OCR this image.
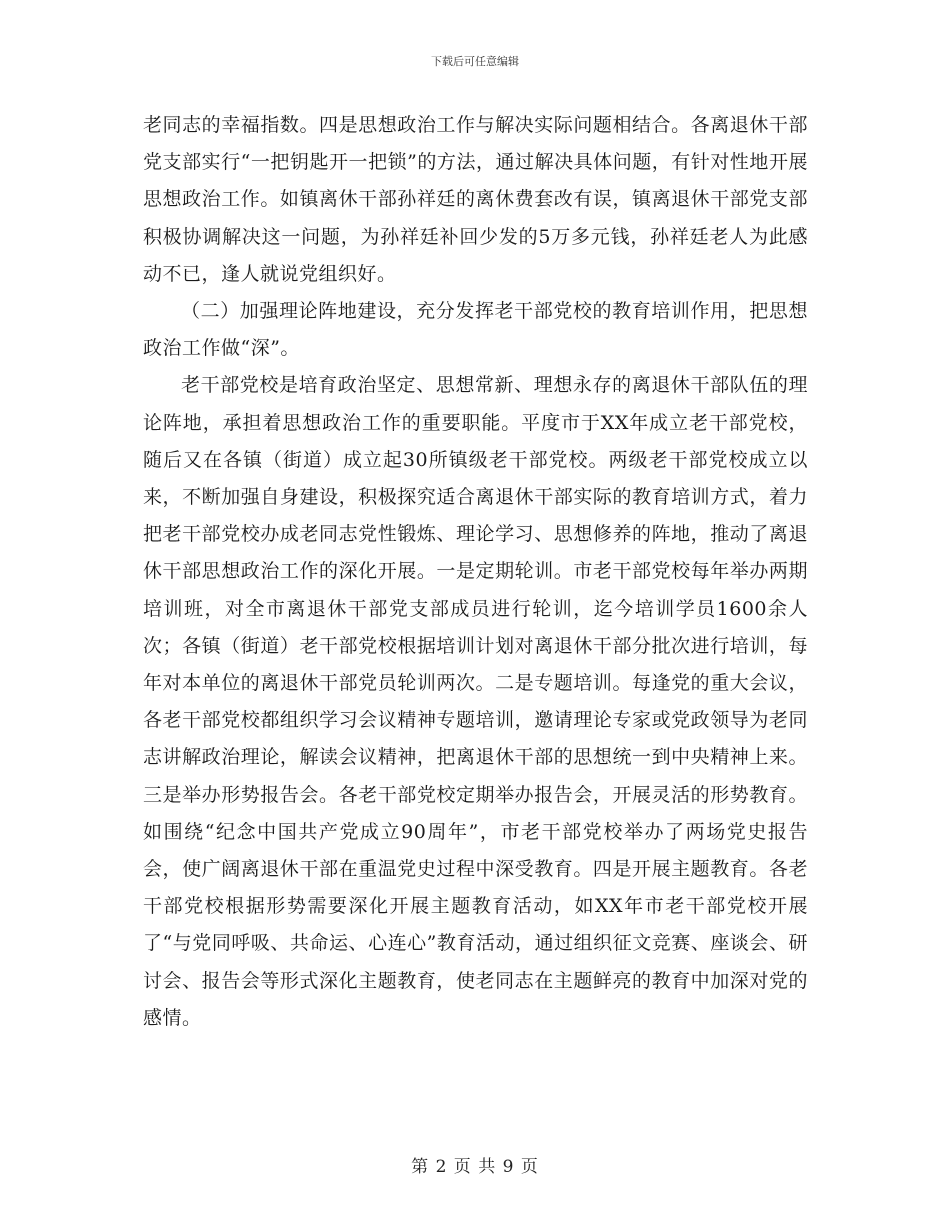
下载后可任意编辑

老同志的幸福指数。四是思想政治工作与解决实际问题相结合。各离退休干部党支部实行“一把钥匙开一把锁”的方法，通过解决具体问题，有针对性地开展思想政治工作。如镇离休干部孙祥廷的离休费套改有误，镇离退休干部党支部积极协调解决这一问题，为孙祥廷补回少发的5万多元钱，孙祥廷老人为此感动不已，逢人就说党组织好。

（二）加强理论阵地建设，充分发挥老干部党校的教育培训作用，把思想政治工作做“深”。

老干部党校是培育政治坚定、思想常新、理想永存的离退休干部队伍的理论阵地，承担着思想政治工作的重要职能。平度市于XX年成立老干部党校，随后又在各镇（街道）成立起30所镇级老干部党校。两级老干部党校成立以来，不断加强自身建设，积极探究适合离退休干部实际的教育培训方式，着力把老干部党校办成老同志党性锻炼、理论学习、思想修养的阵地，推动了离退休干部思想政治工作的深化开展。一是定期轮训。市老干部党校每年举办两期培训班，对全市离退休干部党支部成员进行轮训，迄今培训学员1600余人次；各镇（街道）老干部党校根据培训计划对离退休干部分批次进行培训，每年对本单位的离退休干部党员轮训两次。二是专题培训。每逢党的重大会议，各老干部党校都组织学习会议精神专题培训，邀请理论专家或党政领导为老同志讲解政治理论，解读会议精神，把离退休干部的思想统一到中央精神上来。三是举办形势报告会。各老干部党校定期举办报告会，开展灵活的形势教育。如围绕“纪念中国共产党成立90周年”，市老干部党校举办了两场党史报告会，使广阔离退休干部在重温党史过程中深受教育。四是开展主题教育。各老干部党校根据形势需要深化开展主题教育活动，如XX年市老干部党校开展了“与党同呼吸、共命运、心连心”教育活动，通过组织征文竞赛、座谈会、研讨会、报告会等形式深化主题教育，使老同志在主题鲜亮的教育中加深对党的感情。

第 2 页 共 9 页
